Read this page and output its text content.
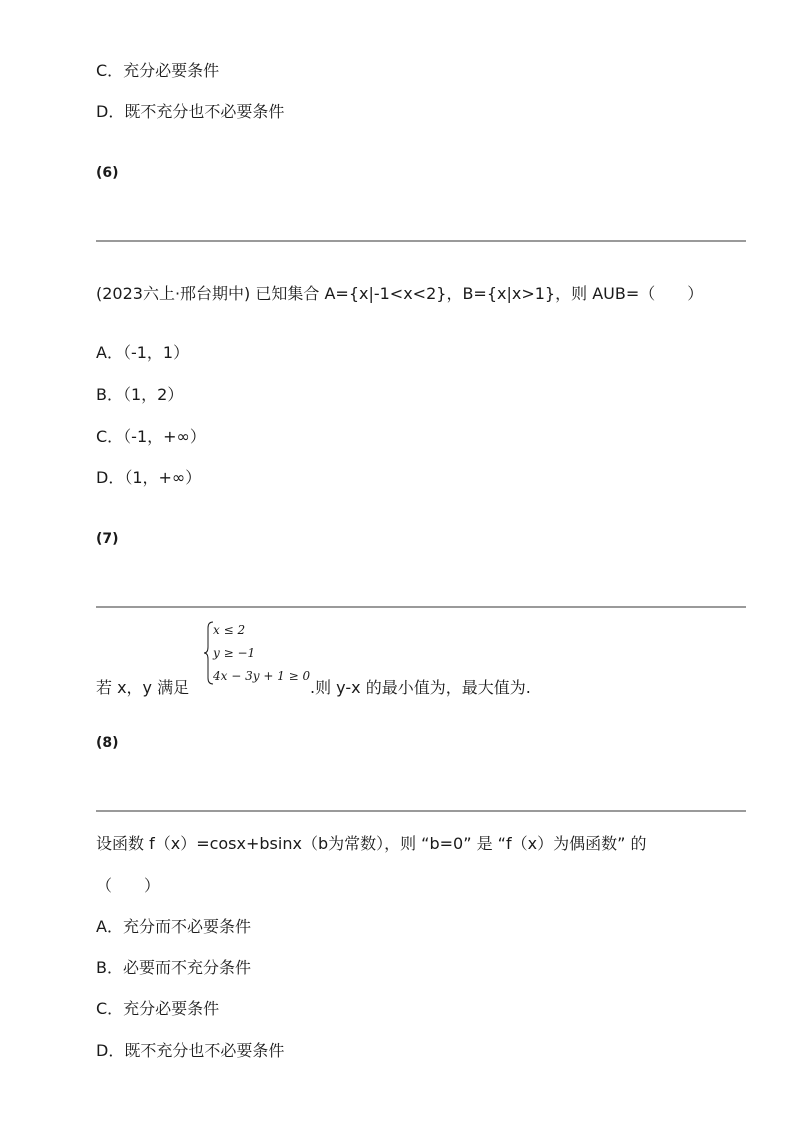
C．充分必要条件
D．既不充分也不必要条件
(6)
(2023六上·邢台期中) 已知集合 A={x|-1<x<2}，B={x|x>1}，则 AUB=（　　）
A．（-1，1）
B．（1，2）
C．（-1，+∞）
D．（1，+∞）
(7)
若 x，y 满足
x ≤ 2
y ≥ −1
4x − 3y + 1 ≥ 0
.则 y-x 的最小值为，最大值为.
(8)
设函数 f（x）=cosx+bsinx（b为常数），则 “b=0” 是 “f（x）为偶函数” 的
（　　）
A．充分而不必要条件
B．必要而不充分条件
C．充分必要条件
D．既不充分也不必要条件
